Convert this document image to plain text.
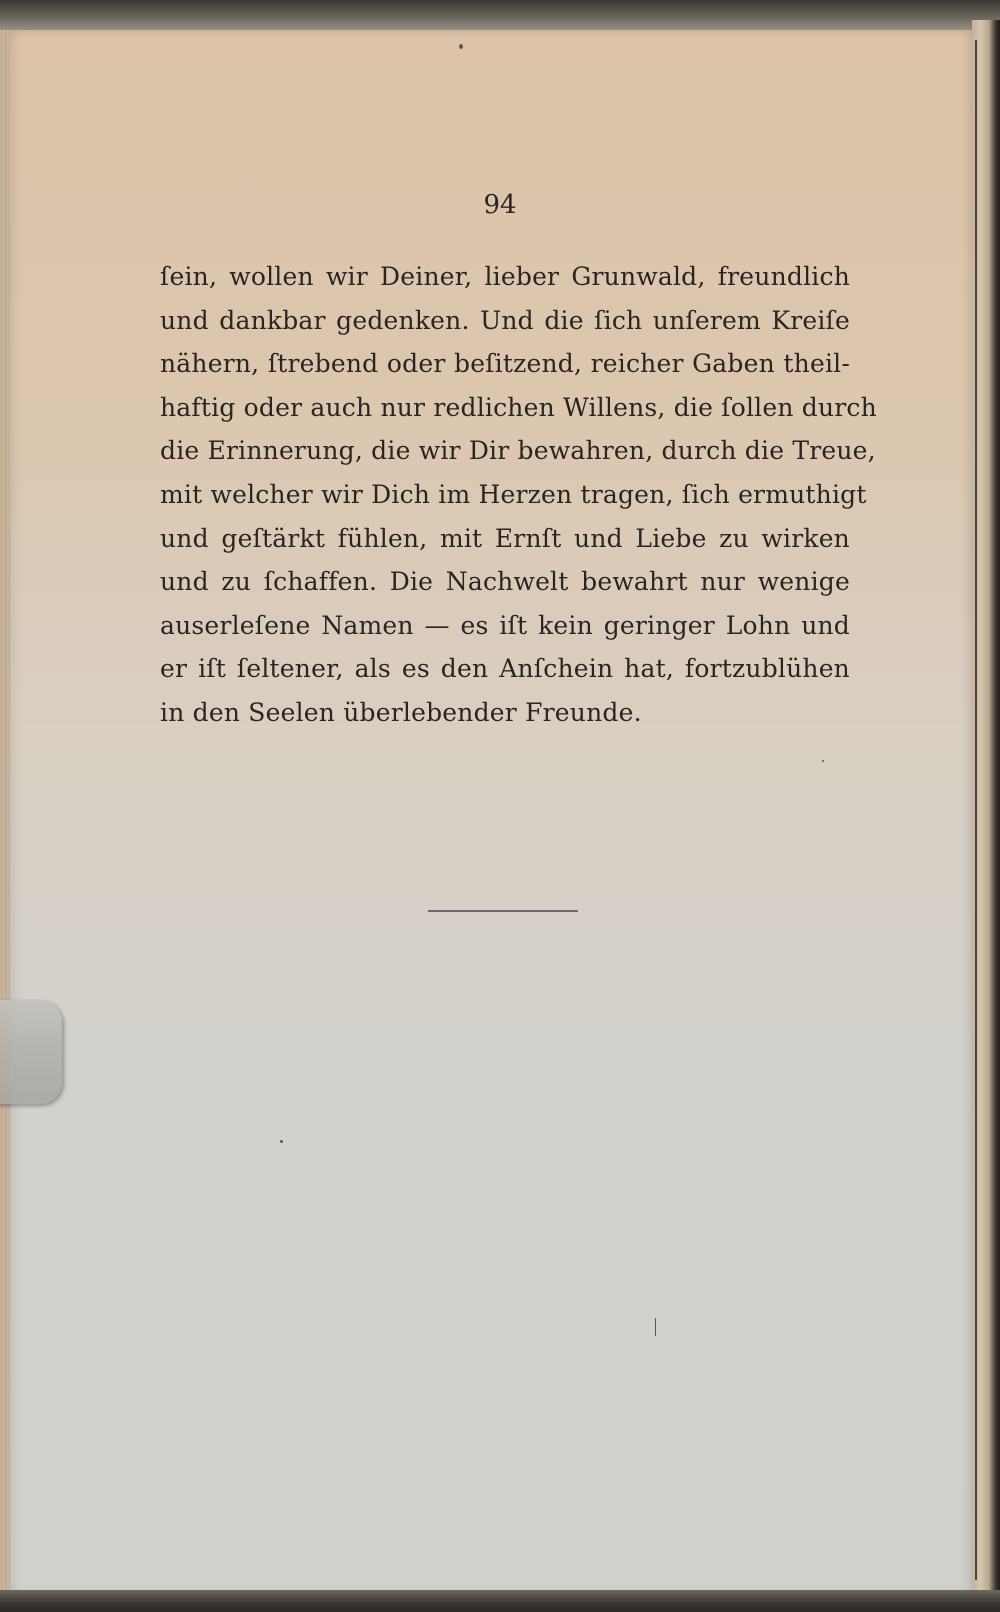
94
ſein, wollen wir Deiner, lieber Grunwald, freundlich
und dankbar gedenken. Und die ſich unſerem Kreiſe
nähern, ſtrebend oder beſitzend, reicher Gaben theil-
haftig oder auch nur redlichen Willens, die ſollen durch
die Erinnerung, die wir Dir bewahren, durch die Treue,
mit welcher wir Dich im Herzen tragen, ſich ermuthigt
und geſtärkt fühlen, mit Ernſt und Liebe zu wirken
und zu ſchaffen. Die Nachwelt bewahrt nur wenige
auserleſene Namen — es iſt kein geringer Lohn und
er iſt ſeltener, als es den Anſchein hat, fortzublühen
in den Seelen überlebender Freunde.
